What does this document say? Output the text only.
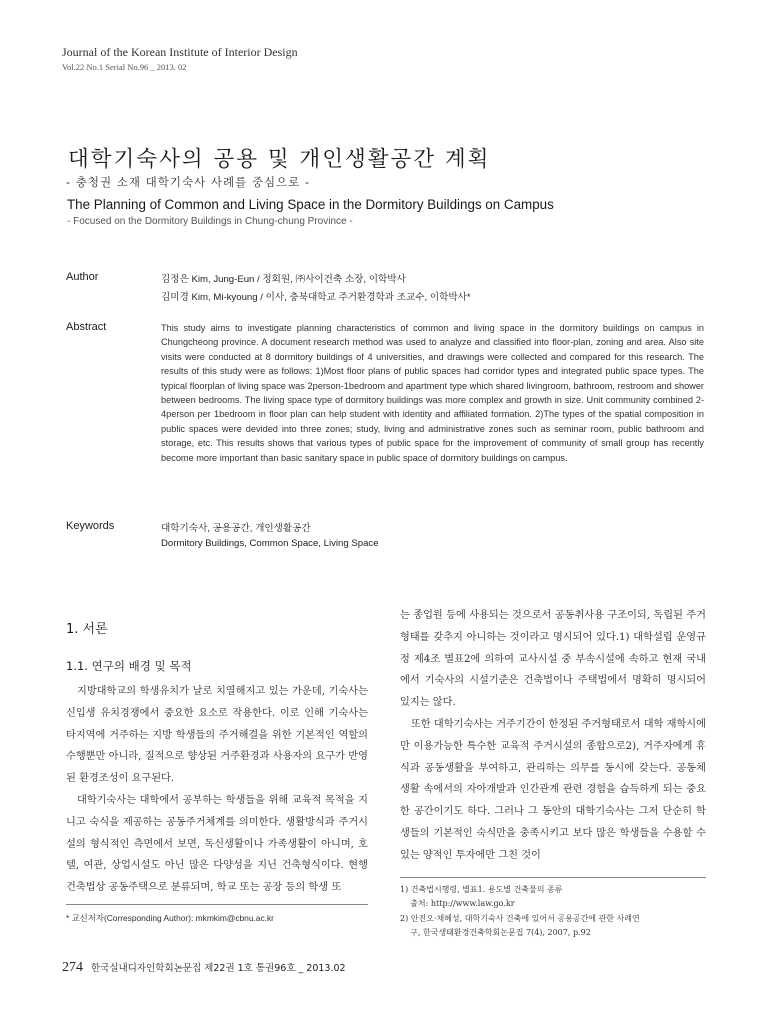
Journal of the Korean Institute of Interior Design
Vol.22 No.1 Serial No.96 _ 2013. 02
대학기숙사의 공용 및 개인생활공간 계획
- 충청권 소재 대학기숙사 사례를 중심으로 -
The Planning of Common and Living Space in the Dormitory Buildings on Campus
- Focused on the Dormitory Buildings in Chung-chung Province -
Author	김정은 Kim, Jung-Eun / 정회원, ㈜사이건축 소장, 이학박사
김미경 Kim, Mi-kyoung / 이사, 충북대학교 주거환경학과 조교수, 이학박사*
Abstract	This study aims to investigate planning characteristics of common and living space in the dormitory buildings on campus in Chungcheong province. A document research method was used to analyze and classified into floor-plan, zoning and area. Also site visits were conducted at 8 dormitory buildings of 4 universities, and drawings were collected and compared for this research. The results of this study were as follows: 1)Most floor plans of public spaces had corridor types and integrated public space types. The typical floorplan of living space was 2person-1bedroom and apartment type which shared livingroom, bathroom, restroom and shower between bedrooms. The living space type of dormitory buildings was more complex and growth in size. Unit community combined 2-4person per 1bedroom in floor plan can help student with identity and affiliated formation. 2)The types of the spatial composition in public spaces were devided into three zones; study, living and administrative zones such as seminar room, public bathroom and storage, etc. This results shows that various types of public space for the improvement of community of small group has recently become more important than basic sanitary space in public space of dormitory buildings on campus.

Keywords	대학기숙사, 공용공간, 개인생활공간
Dormitory Buildings, Common Space, Living Space
1. 서론
1.1. 연구의 배경 및 목적

지방대학교의 학생유치가 날로 치열해지고 있는 가운데, 기숙사는 신입생 유치경쟁에서 중요한 요소로 작용한다. 이로 인해 기숙사는 타지역에 거주하는 지방 학생들의 주거해결을 위한 기본적인 역할의 수행뿐만 아니라, 질적으로 향상된 거주환경과 사용자의 요구가 반영된 환경조성이 요구된다.

대학기숙사는 대학에서 공부하는 학생들을 위해 교육적 목적을 지니고 숙식을 제공하는 공동주거체계를 의미한다. 생활방식과 주거시설의 형식적인 측면에서 보면, 독신생활이나 가족생활이 아니며, 호텔, 여관, 상업시설도 아닌 많은 다양성을 지닌 건축형식이다. 현행 건축법상 공동주택으로 분류되며, 학교 또는 공장 등의 학생 또

는 종업원 등에 사용되는 것으로서 공동취사용 구조이되, 독립된 주거형태를 갖추지 아니하는 것이라고 명시되어 있다.1) 대학설립 운영규정 제4조 별표2에 의하여 교사시설 중 부속시설에 속하고 현재 국내에서 기숙사의 시설기준은 건축법이나 주택법에서 명확히 명시되어 있지는 않다.

또한 대학기숙사는 거주기간이 한정된 주거형태로서 대학 재학시에만 이용가능한 특수한 교육적 주거시설의 종합으로2), 거주자에게 휴식과 공동생활을 부여하고, 관리하는 의무를 동시에 갖는다. 공동체 생활 속에서의 자아개발과 인간관계 관련 경험을 습득하게 되는 중요한 공간이기도 하다. 그러나 그 동안의 대학기숙사는 그저 단순히 학생들의 기본적인 숙식만을 충족시키고 보다 많은 학생들을 수용할 수 있는 양적인 투자에만 그친 것이

* 교신저자(Corresponding Author): mkmkim@cbnu.ac.kr
1) 건축법시행령, 별표1. 용도별 건축물의 종류
출처: http://www.law.go.kr
2) 안진오·채혜성, 대학기숙사 건축에 있어서 공용공간에 관한 사례연
구, 한국생태환경건축학회논문집 7(4), 2007, p.92
274 한국실내디자인학회논문집 제22권 1호 통권96호 _ 2013.02
